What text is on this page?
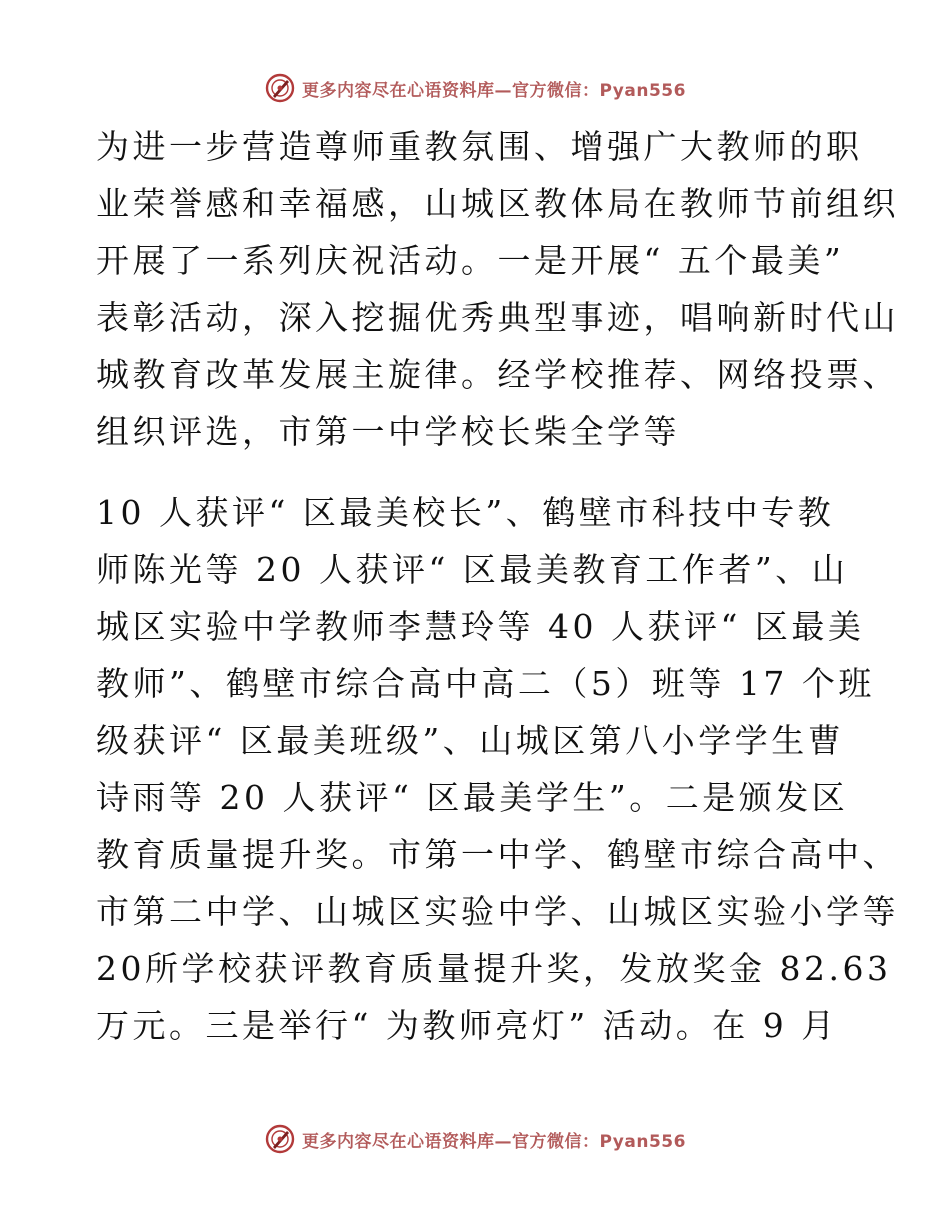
更多内容尽在心语资料库—官方微信：Pyan556
为进一步营造尊师重教氛围、增强广大教师的职
业荣誉感和幸福感，山城区教体局在教师节前组织
开展了一系列庆祝活动。一是开展“ 五个最美”
表彰活动，深入挖掘优秀典型事迹，唱响新时代山
城教育改革发展主旋律。经学校推荐、网络投票、
组织评选，市第一中学校长柴全学等
10 人获评“ 区最美校长”、鹤壁市科技中专教
师陈光等 20 人获评“ 区最美教育工作者”、山
城区实验中学教师李慧玲等 40 人获评“ 区最美
教师”、鹤壁市综合高中高二（5）班等 17 个班
级获评“ 区最美班级”、山城区第八小学学生曹
诗雨等 20 人获评“ 区最美学生”。二是颁发区
教育质量提升奖。市第一中学、鹤壁市综合高中、
市第二中学、山城区实验中学、山城区实验小学等
20所学校获评教育质量提升奖，发放奖金 82.63
万元。三是举行“ 为教师亮灯” 活动。在 9 月
更多内容尽在心语资料库—官方微信：Pyan556
